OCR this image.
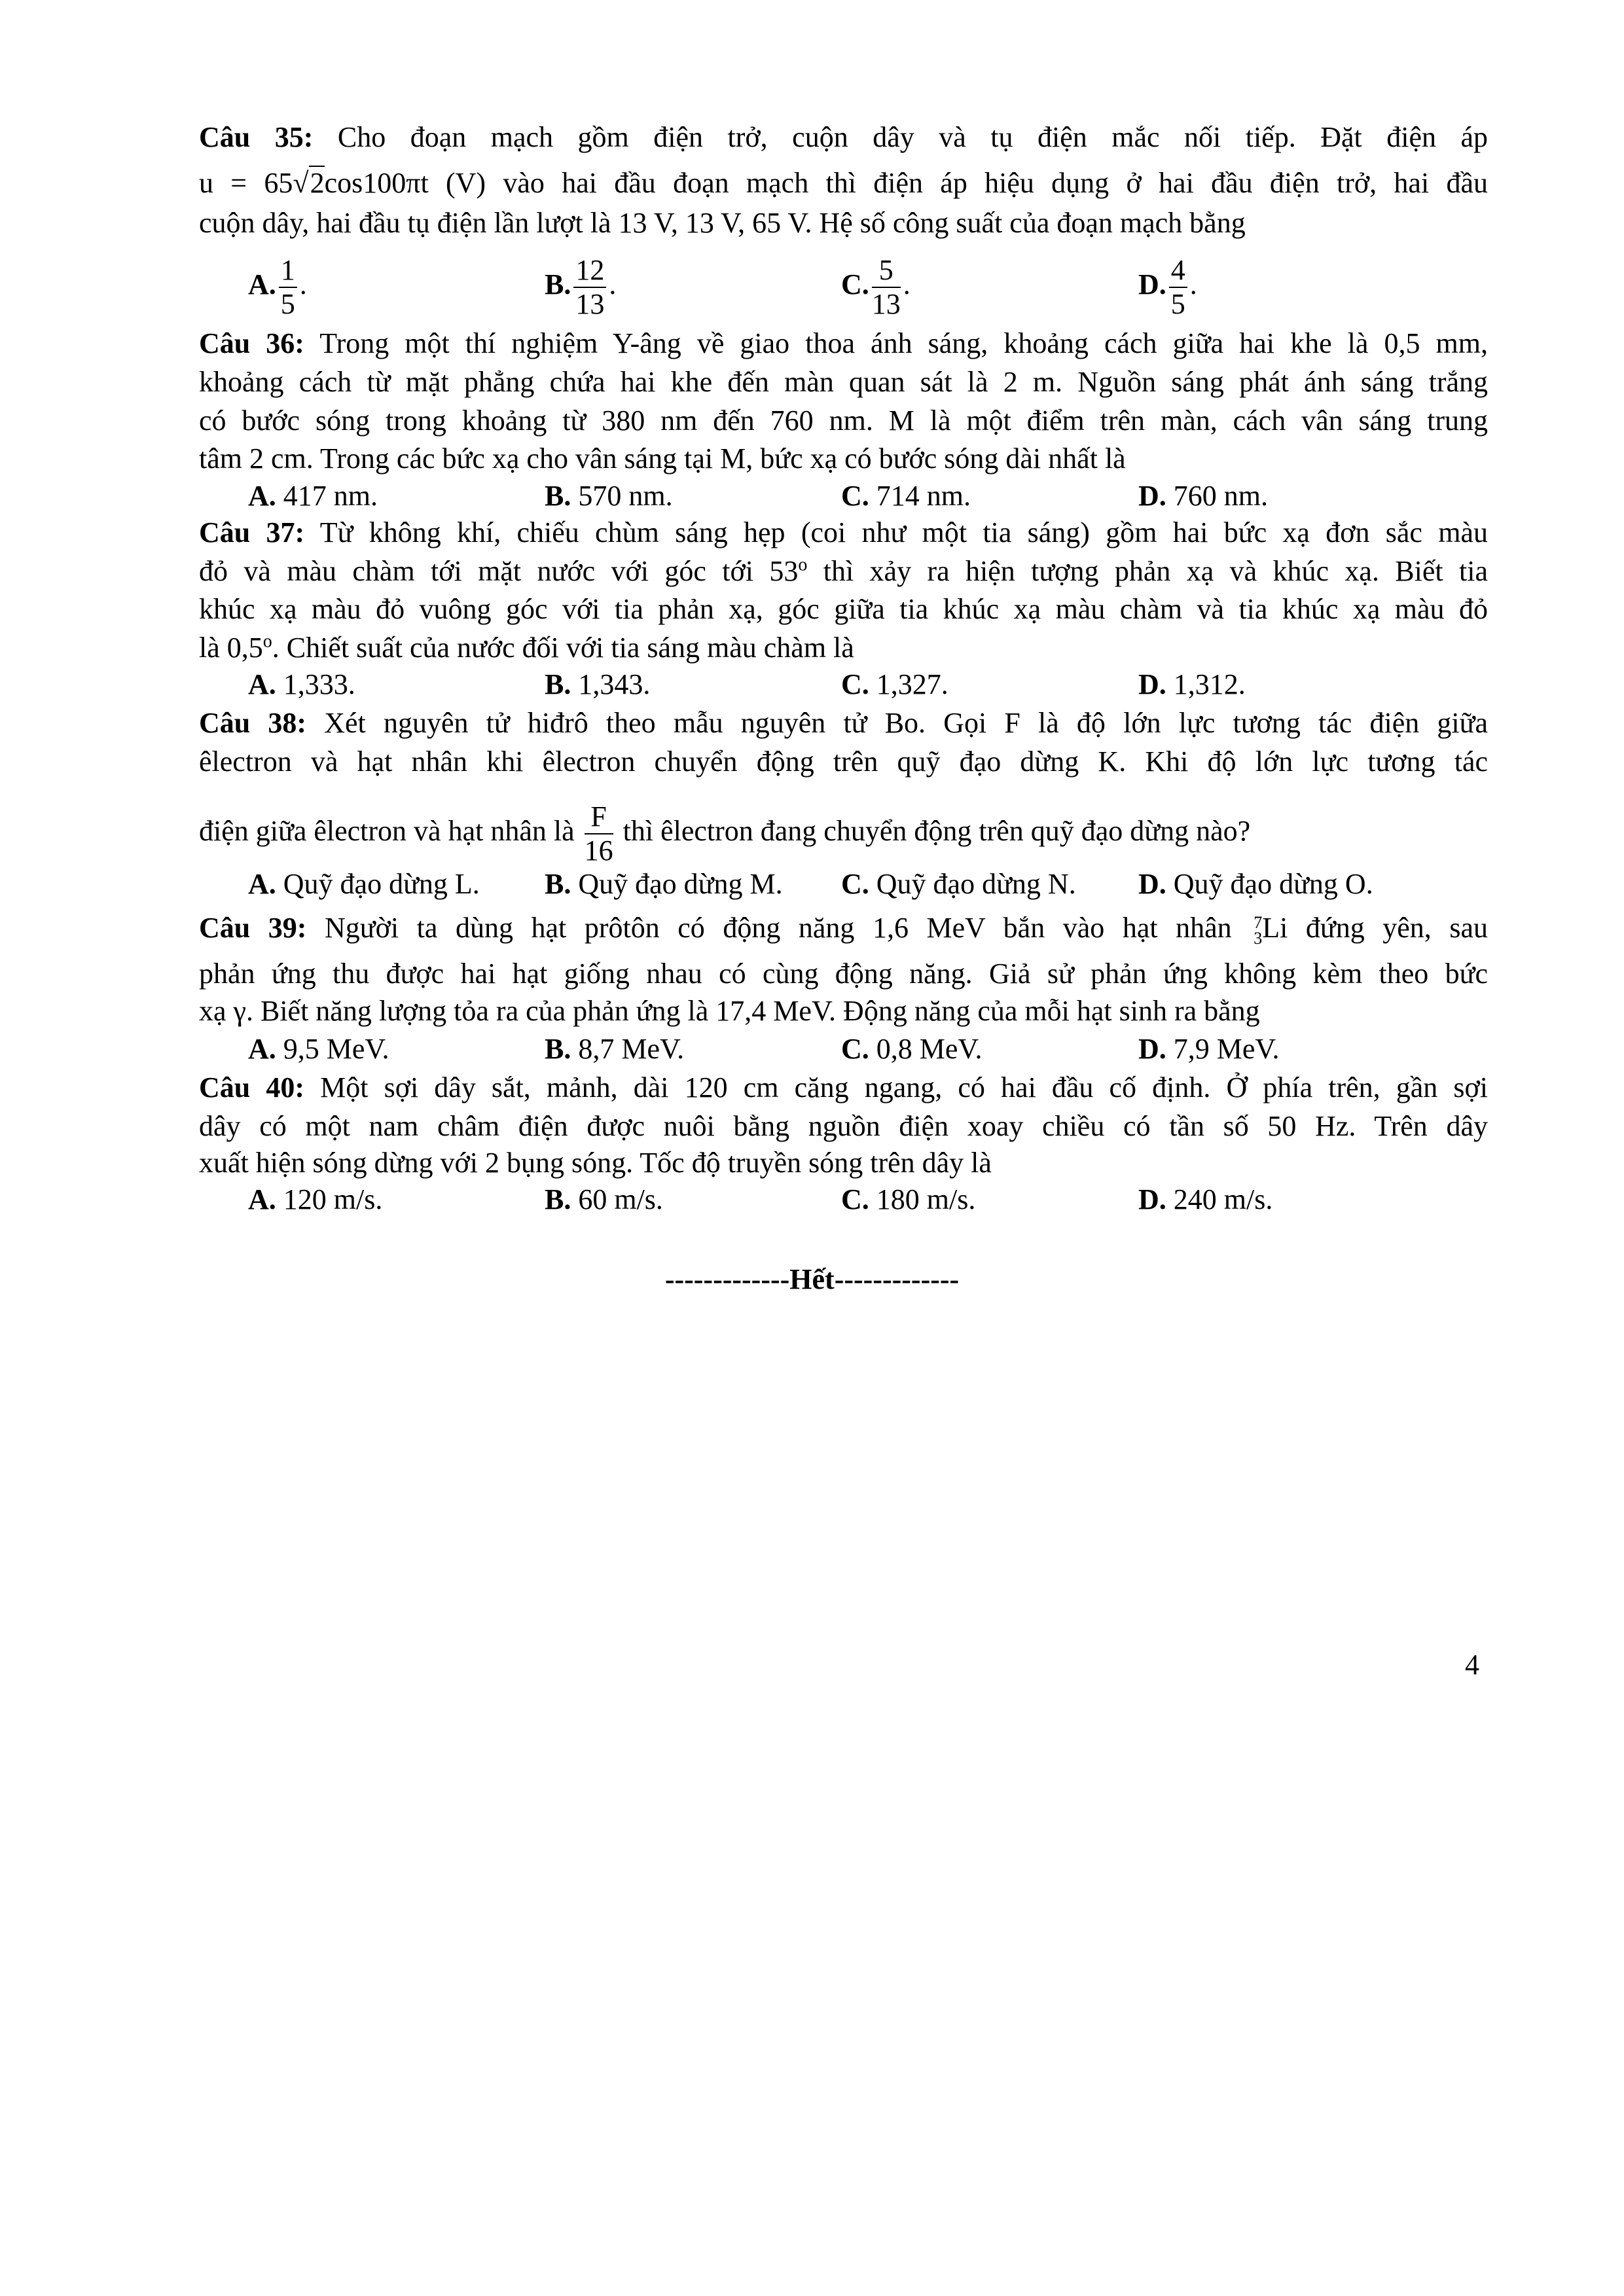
Câu 35: Cho đoạn mạch gồm điện trở, cuộn dây và tụ điện mắc nối tiếp. Đặt điện áp
u = 65√2cos100πt (V) vào hai đầu đoạn mạch thì điện áp hiệu dụng ở hai đầu điện trở, hai đầu
cuộn dây, hai đầu tụ điện lần lượt là 13 V, 13 V, 65 V. Hệ số công suất của đoạn mạch bằng
A. $\frac{1}{5}$ .	B. $\frac{12}{13}$ .	C. $\frac{5}{13}$ .	D. $\frac{4}{5}$ .
Câu 36: Trong một thí nghiệm Y-âng về giao thoa ánh sáng, khoảng cách giữa hai khe là 0,5 mm,
khoảng cách từ mặt phẳng chứa hai khe đến màn quan sát là 2 m. Nguồn sáng phát ánh sáng trắng
có bước sóng trong khoảng từ 380 nm đến 760 nm. M là một điểm trên màn, cách vân sáng trung
tâm 2 cm. Trong các bức xạ cho vân sáng tại M, bức xạ có bước sóng dài nhất là
A. 417 nm.	B. 570 nm.	C. 714 nm.	D. 760 nm.
Câu 37: Từ không khí, chiếu chùm sáng hẹp (coi như một tia sáng) gồm hai bức xạ đơn sắc màu
đỏ và màu chàm tới mặt nước với góc tới 53$^o$ thì xảy ra hiện tượng phản xạ và khúc xạ. Biết tia
khúc xạ màu đỏ vuông góc với tia phản xạ, góc giữa tia khúc xạ màu chàm và tia khúc xạ màu đỏ
là 0,5$^o$. Chiết suất của nước đối với tia sáng màu chàm là
A. 1,333.	B. 1,343.	C. 1,327.	D. 1,312.
Câu 38: Xét nguyên tử hiđrô theo mẫu nguyên tử Bo. Gọi F là độ lớn lực tương tác điện giữa
êlectron và hạt nhân khi êlectron chuyển động trên quỹ đạo dừng K. Khi độ lớn lực tương tác
điện giữa êlectron và hạt nhân là $\frac{F}{16}$ thì êlectron đang chuyển động trên quỹ đạo dừng nào?
A. Quỹ đạo dừng L. B. Quỹ đạo dừng M. C. Quỹ đạo dừng N. D. Quỹ đạo dừng O.
Câu 39: Người ta dùng hạt prôtôn có động năng 1,6 MeV bắn vào hạt nhân 7
3 Li đứng yên, sau
phản ứng thu được hai hạt giống nhau có cùng động năng. Giả sử phản ứng không kèm theo bức
xạ γ. Biết năng lượng tỏa ra của phản ứng là 17,4 MeV. Động năng của mỗi hạt sinh ra bằng
A. 9,5 MeV.	B. 8,7 MeV.	C. 0,8 MeV.	D. 7,9 MeV.
Câu 40: Một sợi dây sắt, mảnh, dài 120 cm căng ngang, có hai đầu cố định. Ở phía trên, gần sợi
dây có một nam châm điện được nuôi bằng nguồn điện xoay chiều có tần số 50 Hz. Trên dây
xuất hiện sóng dừng với 2 bụng sóng. Tốc độ truyền sóng trên dây là
A. 120 m/s.	B. 60 m/s.	C. 180 m/s.	D. 240 m/s.
-------------Hết-------------
4
